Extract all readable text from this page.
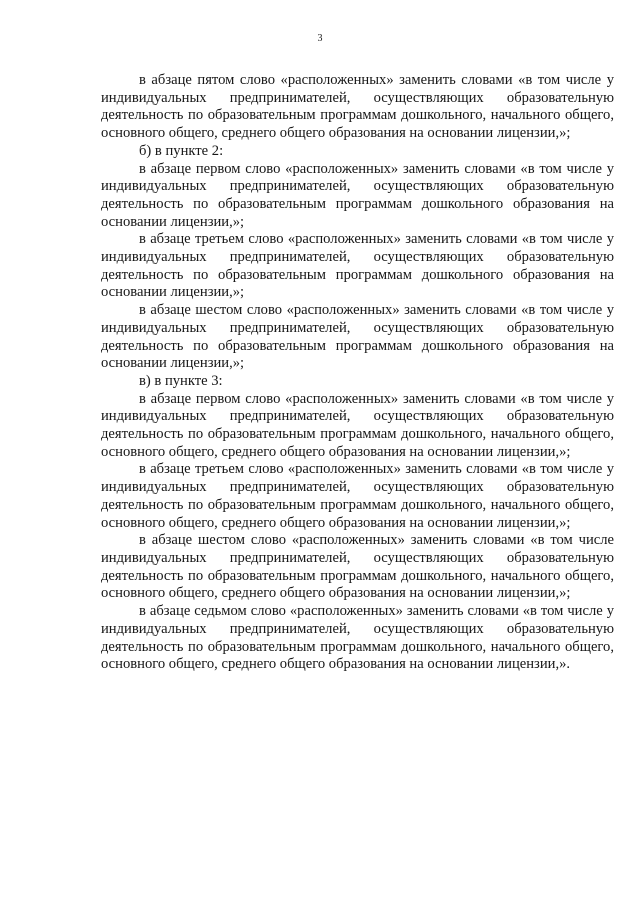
3

в абзаце пятом слово «расположенных» заменить словами «в том числе у индивидуальных предпринимателей, осуществляющих образовательную деятельность по образовательным программам дошкольного, начального общего, основного общего, среднего общего образования на основании лицензии,»;

б) в пункте 2:

в абзаце первом слово «расположенных» заменить словами «в том числе у индивидуальных предпринимателей, осуществляющих образовательную деятельность по образовательным программам дошкольного образования на основании лицензии,»;

в абзаце третьем слово «расположенных» заменить словами «в том числе у индивидуальных предпринимателей, осуществляющих образовательную деятельность по образовательным программам дошкольного образования на основании лицензии,»;

в абзаце шестом слово «расположенных» заменить словами «в том числе у индивидуальных предпринимателей, осуществляющих образовательную деятельность по образовательным программам дошкольного образования на основании лицензии,»;

в) в пункте 3:

в абзаце первом слово «расположенных» заменить словами «в том числе у индивидуальных предпринимателей, осуществляющих образовательную деятельность по образовательным программам дошкольного, начального общего, основного общего, среднего общего образования на основании лицензии,»;

в абзаце третьем слово «расположенных» заменить словами «в том числе у индивидуальных предпринимателей, осуществляющих образовательную деятельность по образовательным программам дошкольного, начального общего, основного общего, среднего общего образования на основании лицензии,»;

в абзаце шестом слово «расположенных» заменить словами «в том числе индивидуальных предпринимателей, осуществляющих образовательную деятельность по образовательным программам дошкольного, начального общего, основного общего, среднего общего образования на основании лицензии,»;

в абзаце седьмом слово «расположенных» заменить словами «в том числе у индивидуальных предпринимателей, осуществляющих образовательную деятельность по образовательным программам дошкольного, начального общего, основного общего, среднего общего образования на основании лицензии,».
